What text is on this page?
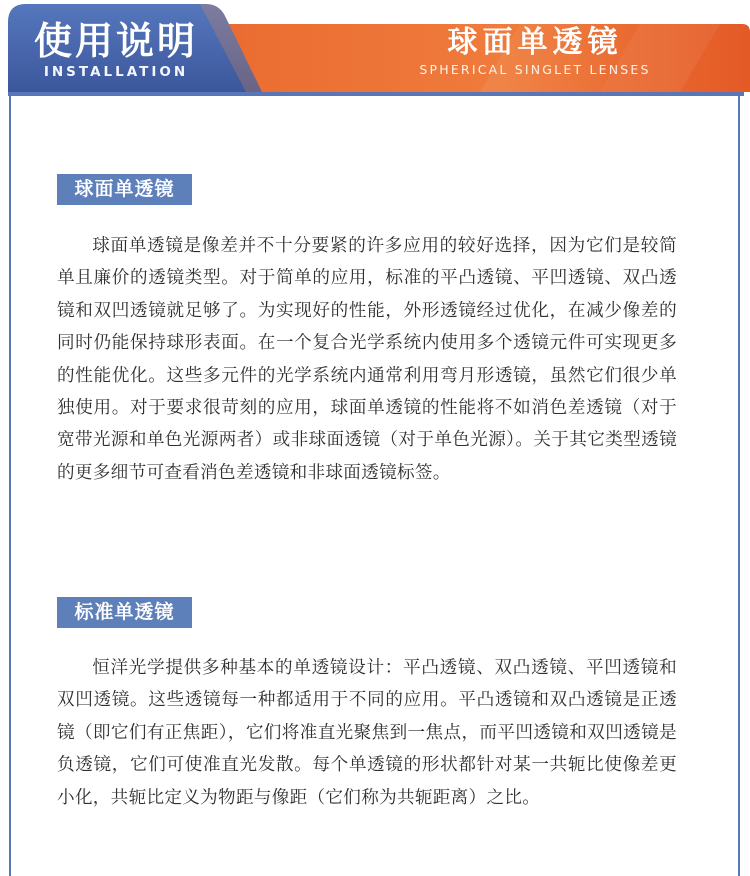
使用说明
INSTALLATION
球面单透镜
SPHERICAL SINGLET LENSES
球面单透镜

球面单透镜是像差并不十分要紧的许多应用的较好选择，因为它们是较简单且廉价的透镜类型。对于简单的应用，标准的平凸透镜、平凹透镜、双凸透镜和双凹透镜就足够了。为实现好的性能，外形透镜经过优化，在减少像差的同时仍能保持球形表面。在一个复合光学系统内使用多个透镜元件可实现更多的性能优化。这些多元件的光学系统内通常利用弯月形透镜，虽然它们很少单独使用。对于要求很苛刻的应用，球面单透镜的性能将不如消色差透镜（对于宽带光源和单色光源两者）或非球面透镜（对于单色光源）。关于其它类型透镜的更多细节可查看消色差透镜和非球面透镜标签。

标准单透镜

恒洋光学提供多种基本的单透镜设计：平凸透镜、双凸透镜、平凹透镜和双凹透镜。这些透镜每一种都适用于不同的应用。平凸透镜和双凸透镜是正透镜（即它们有正焦距），它们将准直光聚焦到一焦点，而平凹透镜和双凹透镜是负透镜，它们可使准直光发散。每个单透镜的形状都针对某一共轭比使像差更小化，共轭比定义为物距与像距（它们称为共轭距离）之比。
